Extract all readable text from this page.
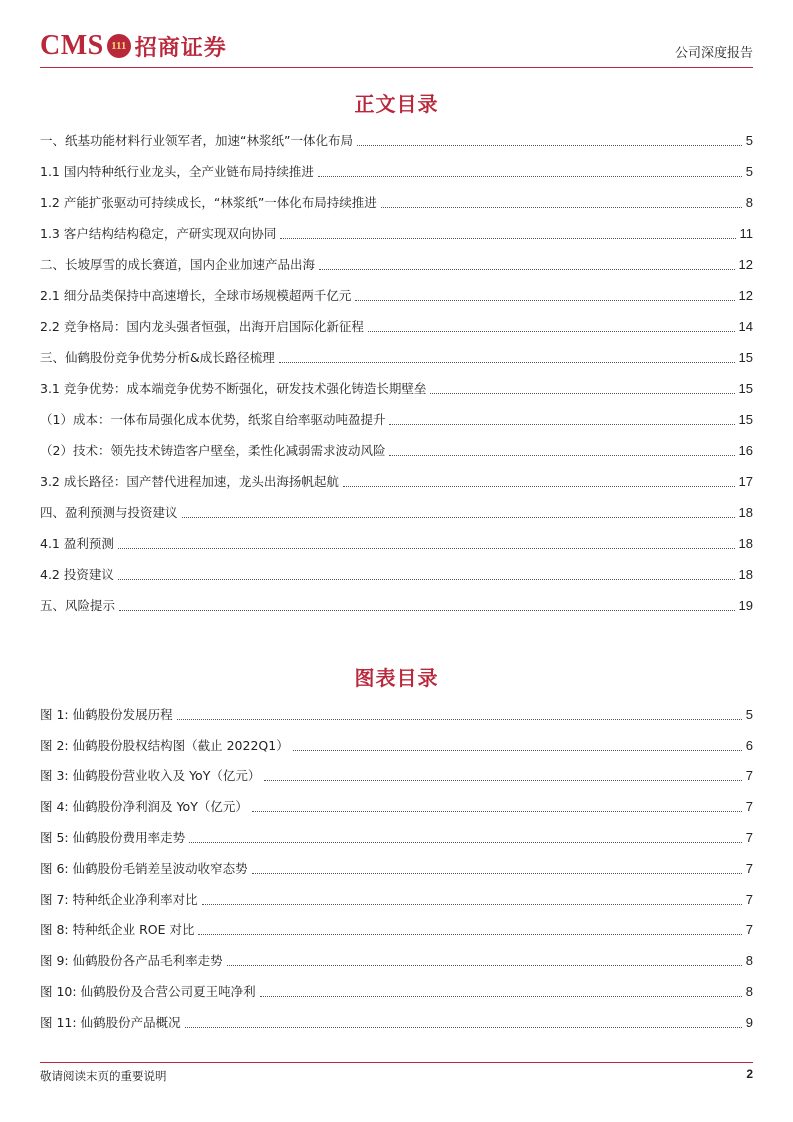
CMS 111 招商证券	公司深度报告
正文目录
一、纸基功能材料行业领军者，加速“林浆纸”一体化布局	5
1.1 国内特种纸行业龙头，全产业链布局持续推进	5
1.2 产能扩张驱动可持续成长，“林浆纸”一体化布局持续推进	8
1.3 客户结构结构稳定，产研实现双向协同	11
二、长坡厚雪的成长赛道，国内企业加速产品出海	12
2.1 细分品类保持中高速增长，全球市场规模超两千亿元	12
2.2 竞争格局：国内龙头强者恒强，出海开启国际化新征程	14
三、仙鹤股份竞争优势分析&成长路径梳理	15
3.1 竞争优势：成本端竞争优势不断强化，研发技术强化铸造长期壁垒	15
（1）成本：一体布局强化成本优势，纸浆自给率驱动吨盈提升	15
（2）技术：领先技术铸造客户壁垒，柔性化减弱需求波动风险	16
3.2 成长路径：国产替代进程加速，龙头出海扬帆起航	17
四、盈利预测与投资建议	18
4.1 盈利预测	18
4.2 投资建议	18
五、风险提示	19
图表目录
图 1: 仙鹤股份发展历程	5
图 2: 仙鹤股份股权结构图（截止 2022Q1）	6
图 3: 仙鹤股份营业收入及 YoY（亿元）	7
图 4: 仙鹤股份净利润及 YoY（亿元）	7
图 5: 仙鹤股份费用率走势	7
图 6: 仙鹤股份毛销差呈波动收窄态势	7
图 7: 特种纸企业净利率对比	7
图 8: 特种纸企业 ROE 对比	7
图 9: 仙鹤股份各产品毛利率走势	8
图 10: 仙鹤股份及合营公司夏王吨净利	8
图 11: 仙鹤股份产品概况	9
敬请阅读末页的重要说明	2
